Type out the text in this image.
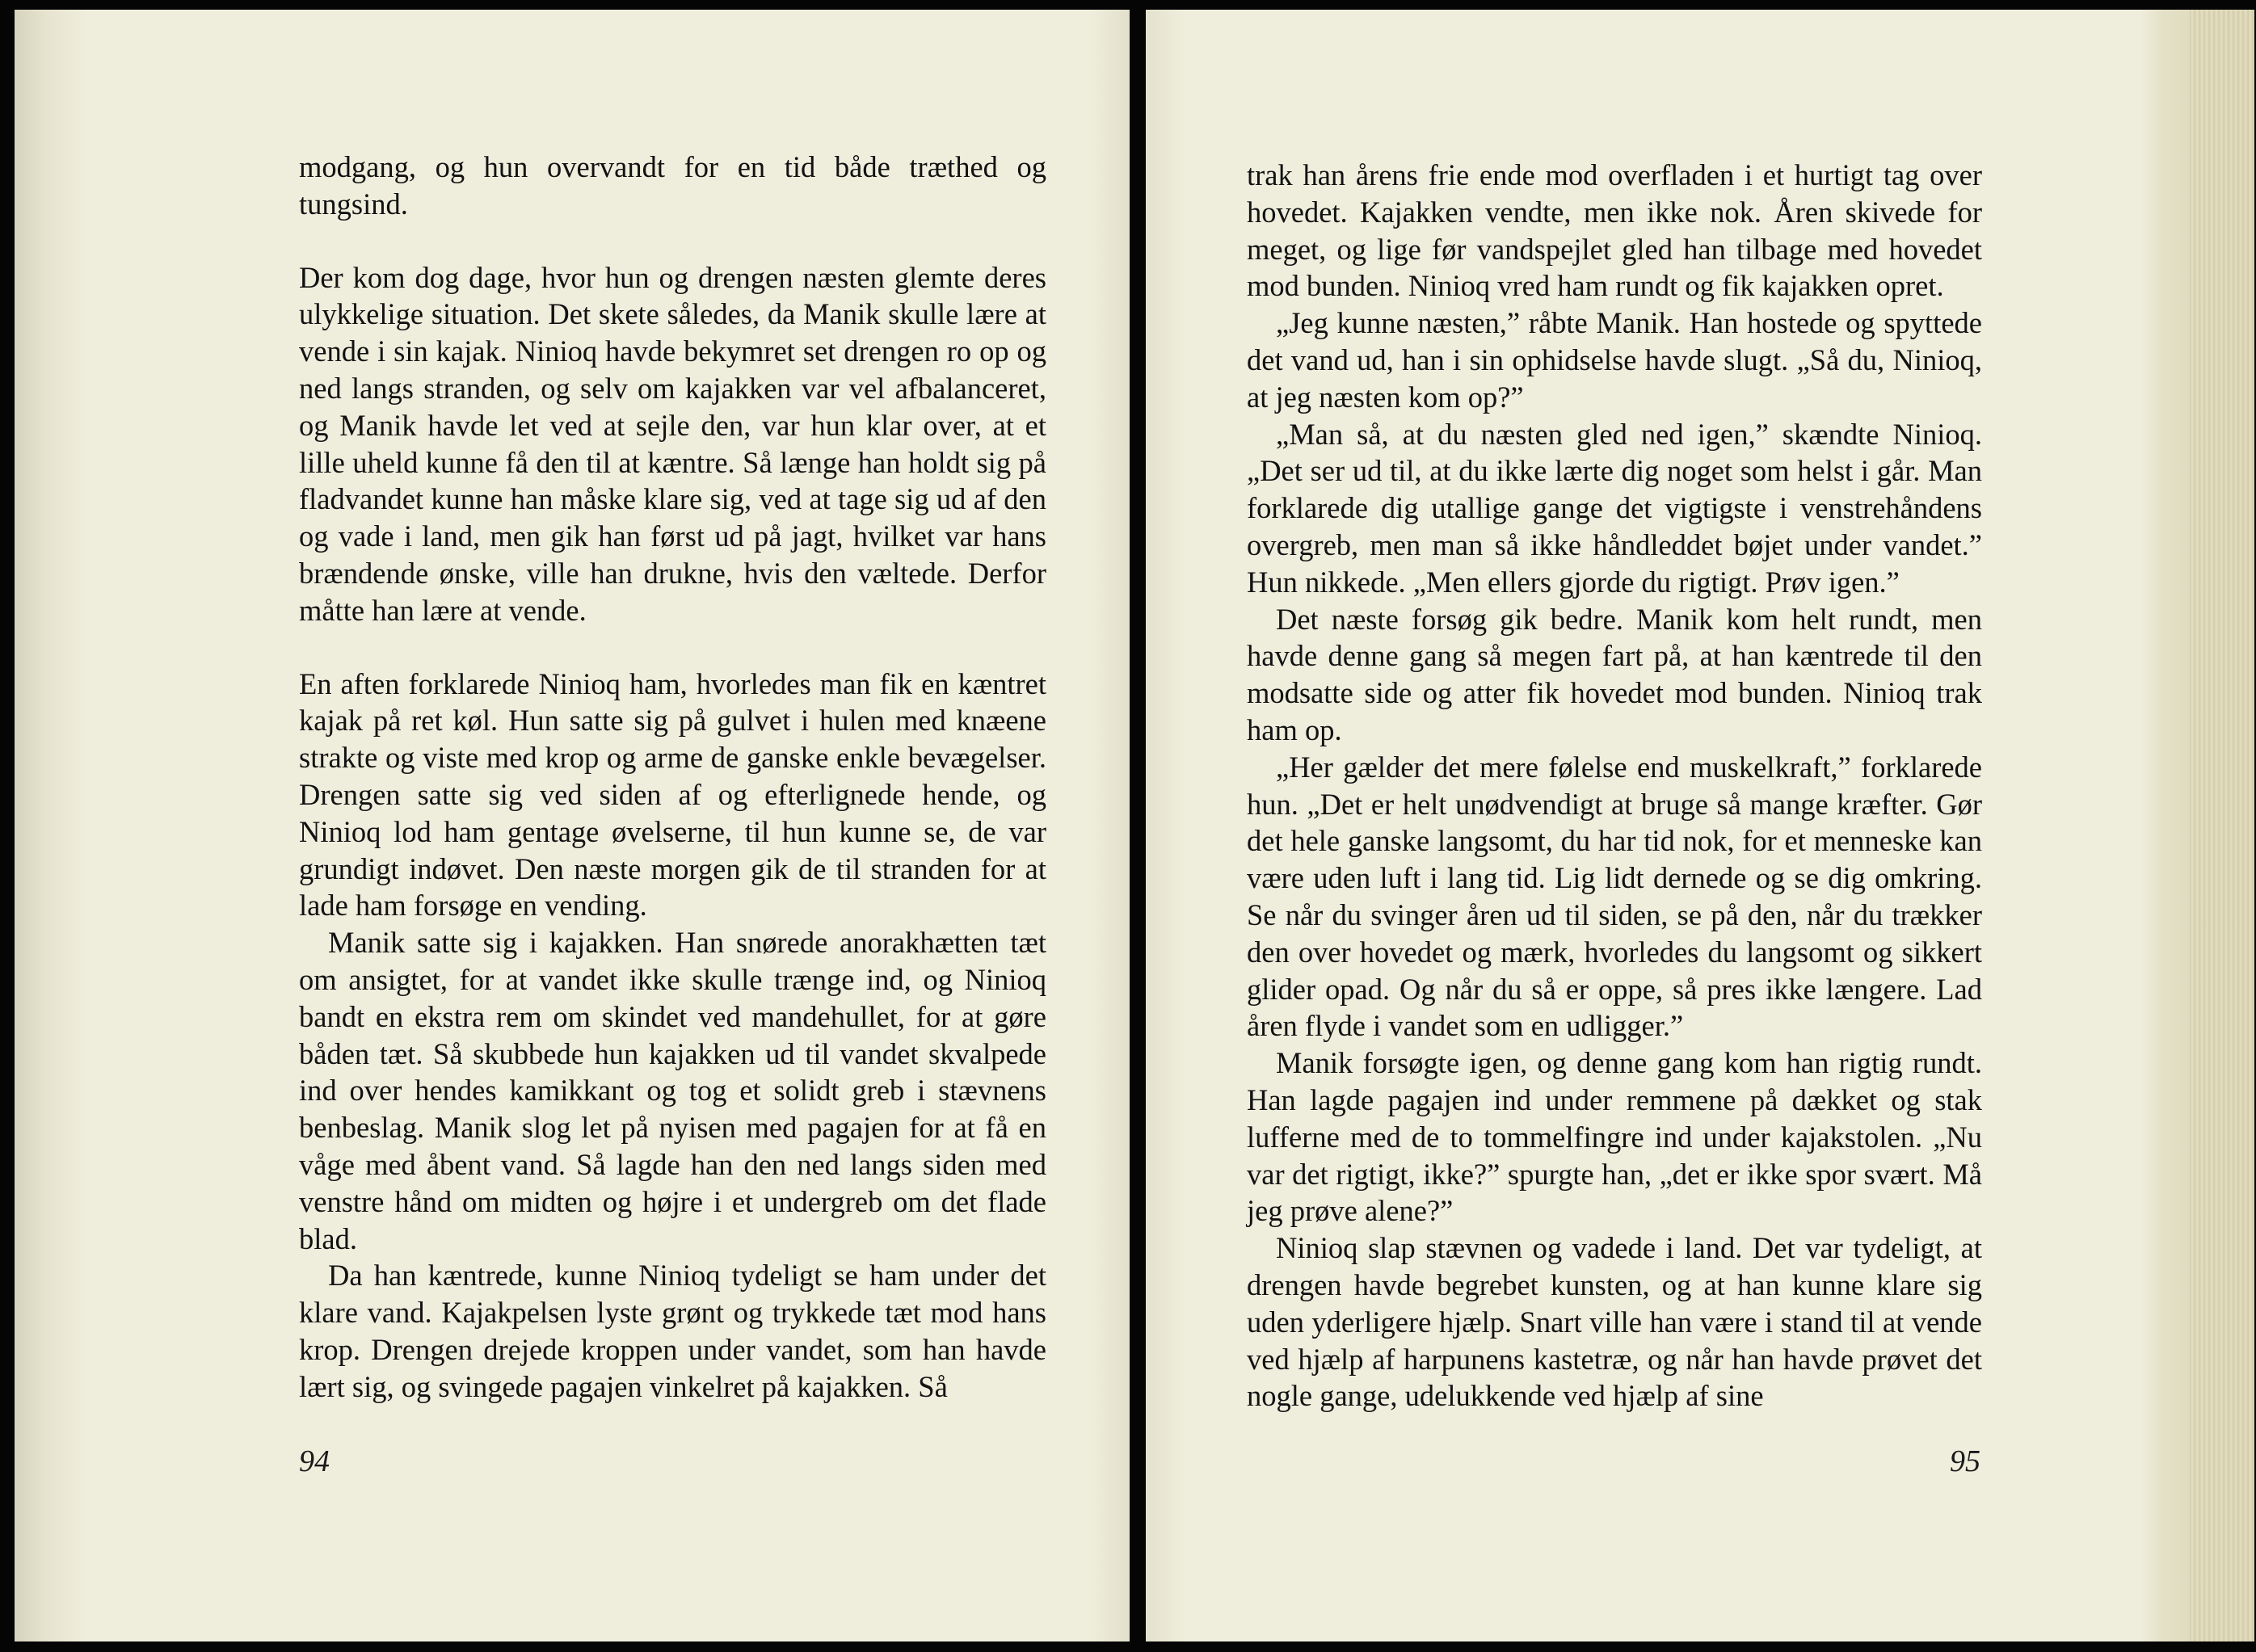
modgang, og hun overvandt for en tid både træthed og tungsind.

Der kom dog dage, hvor hun og drengen næsten glemte deres ulykkelige situation. Det skete således, da Manik skulle lære at vende i sin kajak. Ninioq havde bekymret set drengen ro op og ned langs stranden, og selv om kajakken var vel afbalanceret, og Manik havde let ved at sejle den, var hun klar over, at et lille uheld kunne få den til at kæntre. Så længe han holdt sig på fladvandet kunne han måske klare sig, ved at tage sig ud af den og vade i land, men gik han først ud på jagt, hvilket var hans brændende ønske, ville han drukne, hvis den væltede. Derfor måtte han lære at vende.

En aften forklarede Ninioq ham, hvorledes man fik en kæntret kajak på ret køl. Hun satte sig på gulvet i hulen med knæene strakte og viste med krop og arme de ganske enkle bevægelser. Drengen satte sig ved siden af og efterlignede hende, og Ninioq lod ham gentage øvelserne, til hun kunne se, de var grundigt indøvet. Den næste morgen gik de til stranden for at lade ham forsøge en vending.

Manik satte sig i kajakken. Han snørede anorakhætten tæt om ansigtet, for at vandet ikke skulle trænge ind, og Ninioq bandt en ekstra rem om skindet ved mandehullet, for at gøre båden tæt. Så skubbede hun kajakken ud til vandet skvalpede ind over hendes kamikkant og tog et solidt greb i stævnens benbeslag. Manik slog let på nyisen med pagajen for at få en våge med åbent vand. Så lagde han den ned langs siden med venstre hånd om midten og højre i et undergreb om det flade blad.

Da han kæntrede, kunne Ninioq tydeligt se ham under det klare vand. Kajakpelsen lyste grønt og trykkede tæt mod hans krop. Drengen drejede kroppen under vandet, som han havde lært sig, og svingede pagajen vinkelret på kajakken. Så

94

trak han årens frie ende mod overfladen i et hurtigt tag over hovedet. Kajakken vendte, men ikke nok. Åren skivede for meget, og lige før vandspejlet gled han tilbage med hovedet mod bunden. Ninioq vred ham rundt og fik kajakken opret.

„Jeg kunne næsten,” råbte Manik. Han hostede og spyttede det vand ud, han i sin ophidselse havde slugt. „Så du, Ninioq, at jeg næsten kom op?”

„Man så, at du næsten gled ned igen,” skændte Ninioq. „Det ser ud til, at du ikke lærte dig noget som helst i går. Man forklarede dig utallige gange det vigtigste i venstrehåndens overgreb, men man så ikke håndleddet bøjet under vandet.” Hun nikkede. „Men ellers gjorde du rigtigt. Prøv igen.”

Det næste forsøg gik bedre. Manik kom helt rundt, men havde denne gang så megen fart på, at han kæntrede til den modsatte side og atter fik hovedet mod bunden. Ninioq trak ham op.

„Her gælder det mere følelse end muskelkraft,” forklarede hun. „Det er helt unødvendigt at bruge så mange kræfter. Gør det hele ganske langsomt, du har tid nok, for et menneske kan være uden luft i lang tid. Lig lidt dernede og se dig omkring. Se når du svinger åren ud til siden, se på den, når du trækker den over hovedet og mærk, hvorledes du langsomt og sikkert glider opad. Og når du så er oppe, så pres ikke længere. Lad åren flyde i vandet som en udligger.”

Manik forsøgte igen, og denne gang kom han rigtig rundt. Han lagde pagajen ind under remmene på dækket og stak lufferne med de to tommelfingre ind under kajakstolen. „Nu var det rigtigt, ikke?” spurgte han, „det er ikke spor svært. Må jeg prøve alene?”

Ninioq slap stævnen og vadede i land. Det var tydeligt, at drengen havde begrebet kunsten, og at han kunne klare sig uden yderligere hjælp. Snart ville han være i stand til at vende ved hjælp af harpunens kastetræ, og når han havde prøvet det nogle gange, udelukkende ved hjælp af sine

95
